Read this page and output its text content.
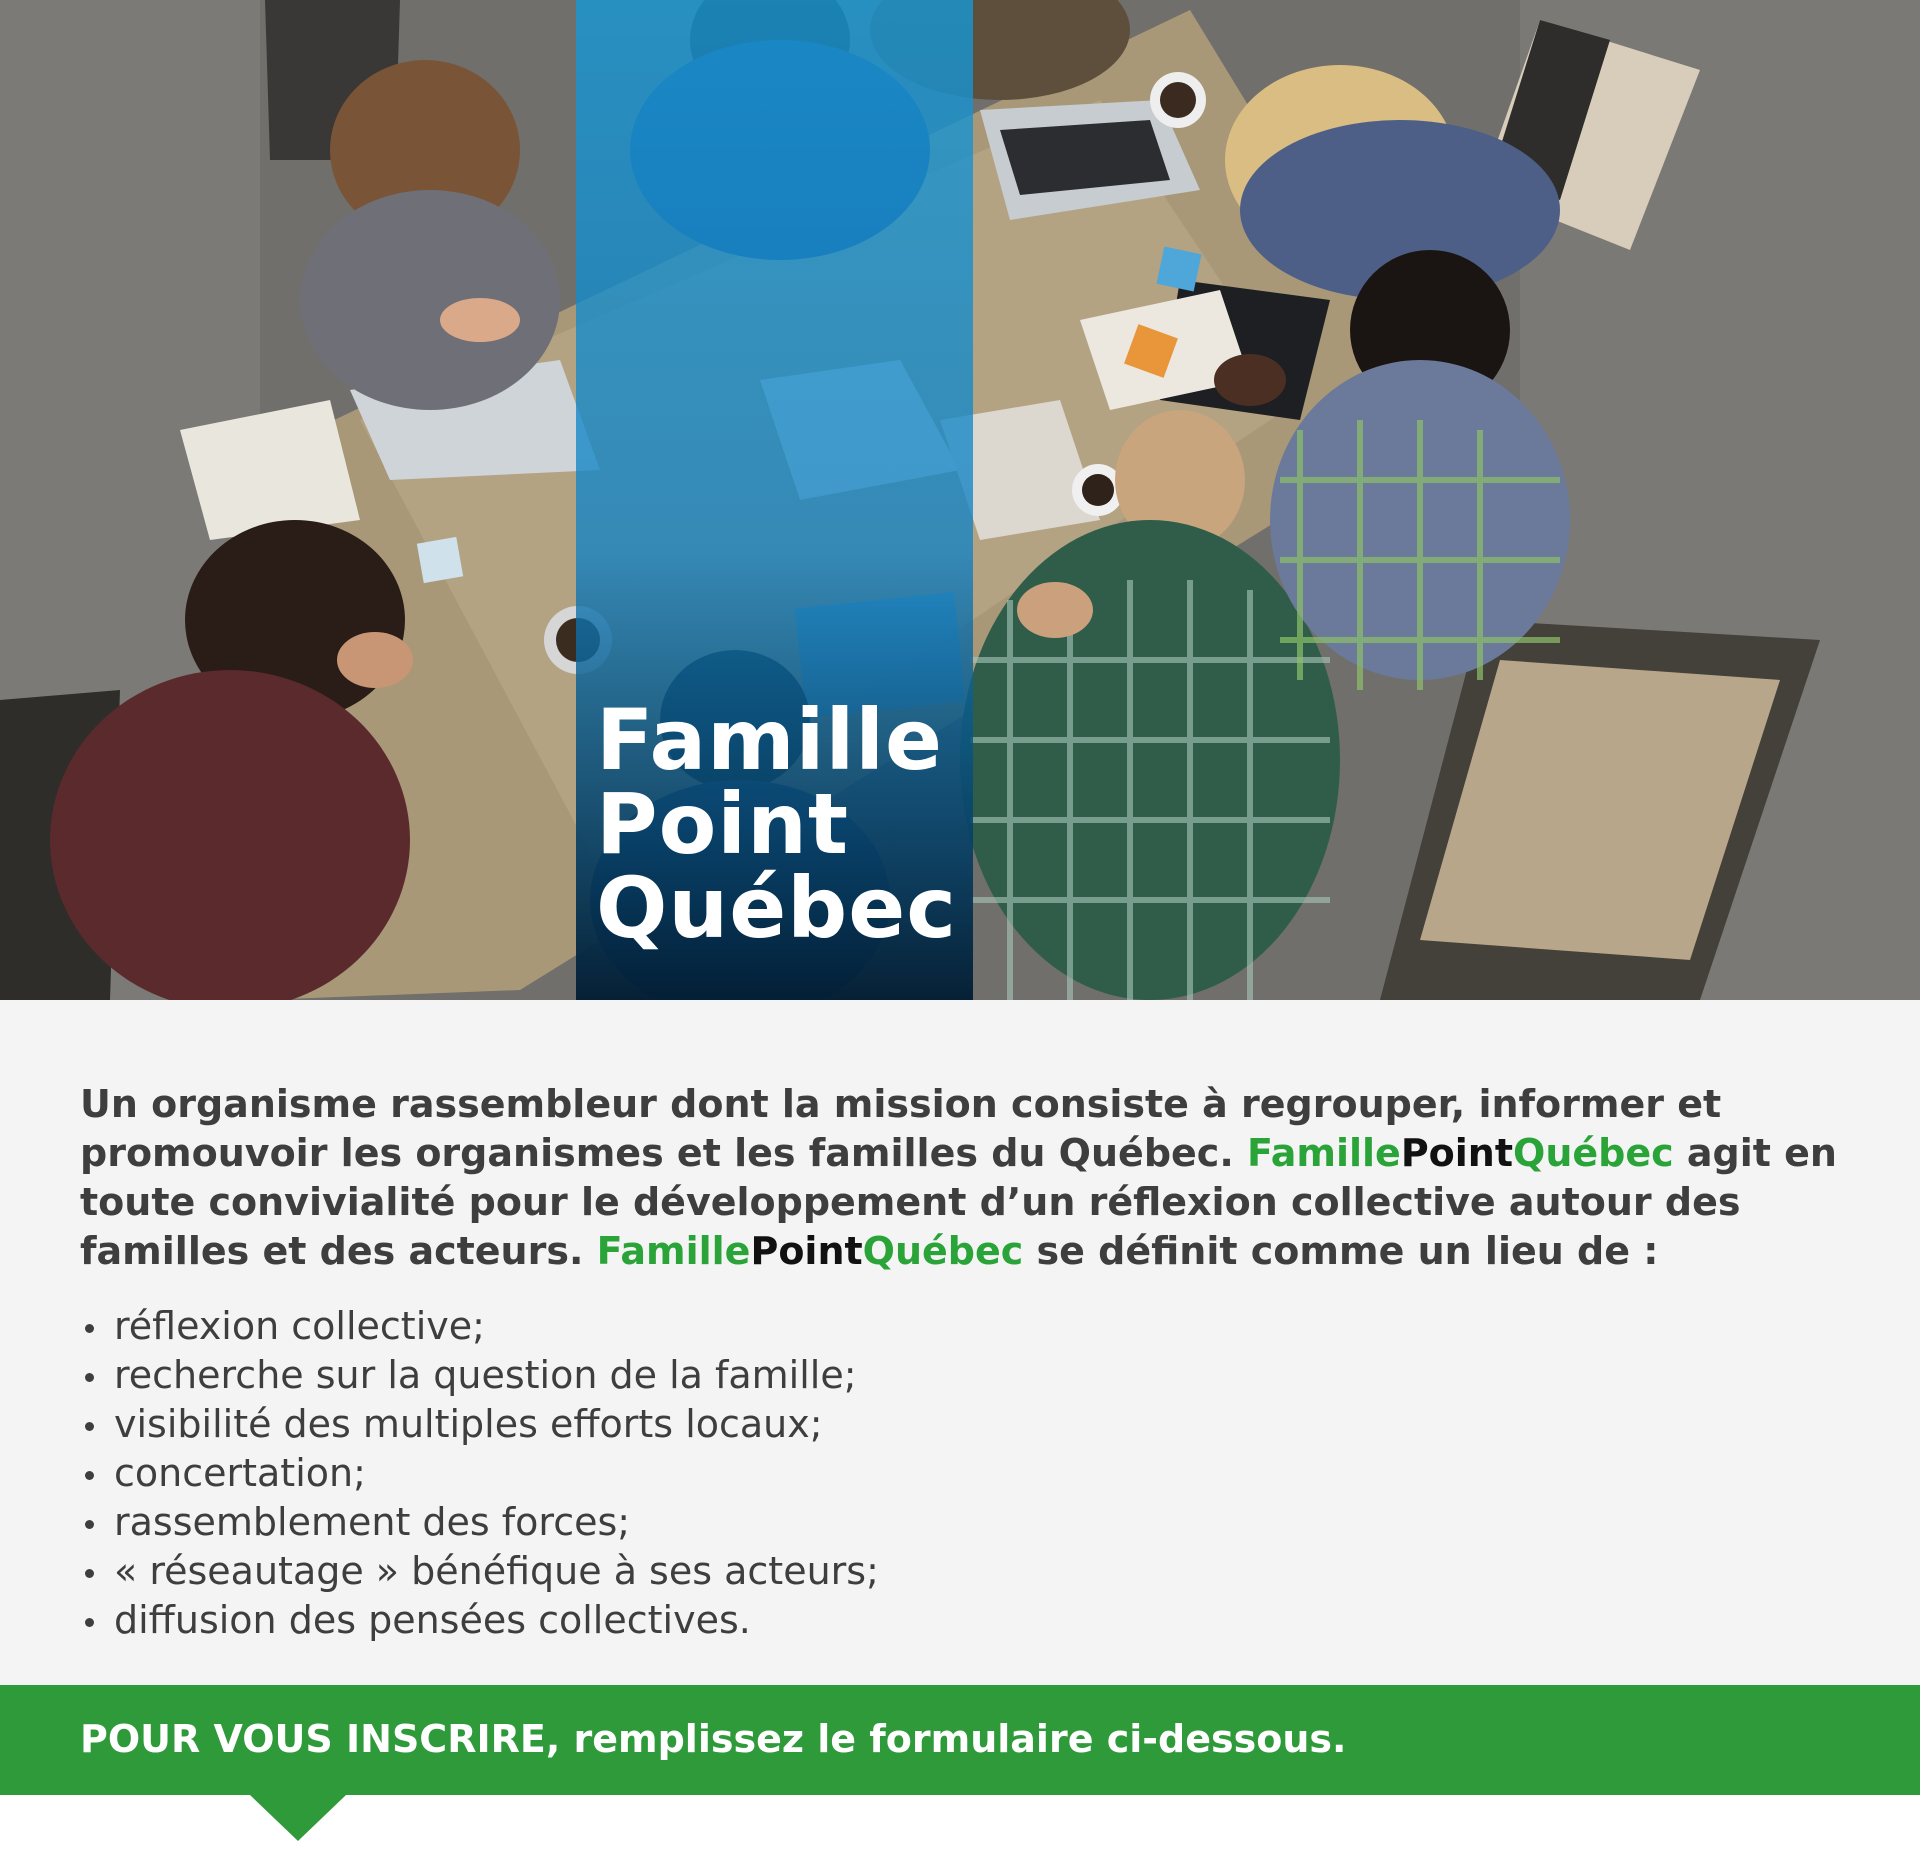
Famille
Point
Québec

Un organisme rassembleur dont la mission consiste à regrouper, informer et promouvoir les organismes et les familles du Québec. FamillePointQuébec agit en toute convivialité pour le développement d’un réflexion collective autour des familles et des acteurs. FamillePointQuébec se définit comme un lieu de :

réflexion collective;
recherche sur la question de la famille;
visibilité des multiples efforts locaux;
concertation;
rassemblement des forces;
« réseautage » bénéfique à ses acteurs;
diffusion des pensées collectives.

POUR VOUS INSCRIRE, remplissez le formulaire ci-dessous.
